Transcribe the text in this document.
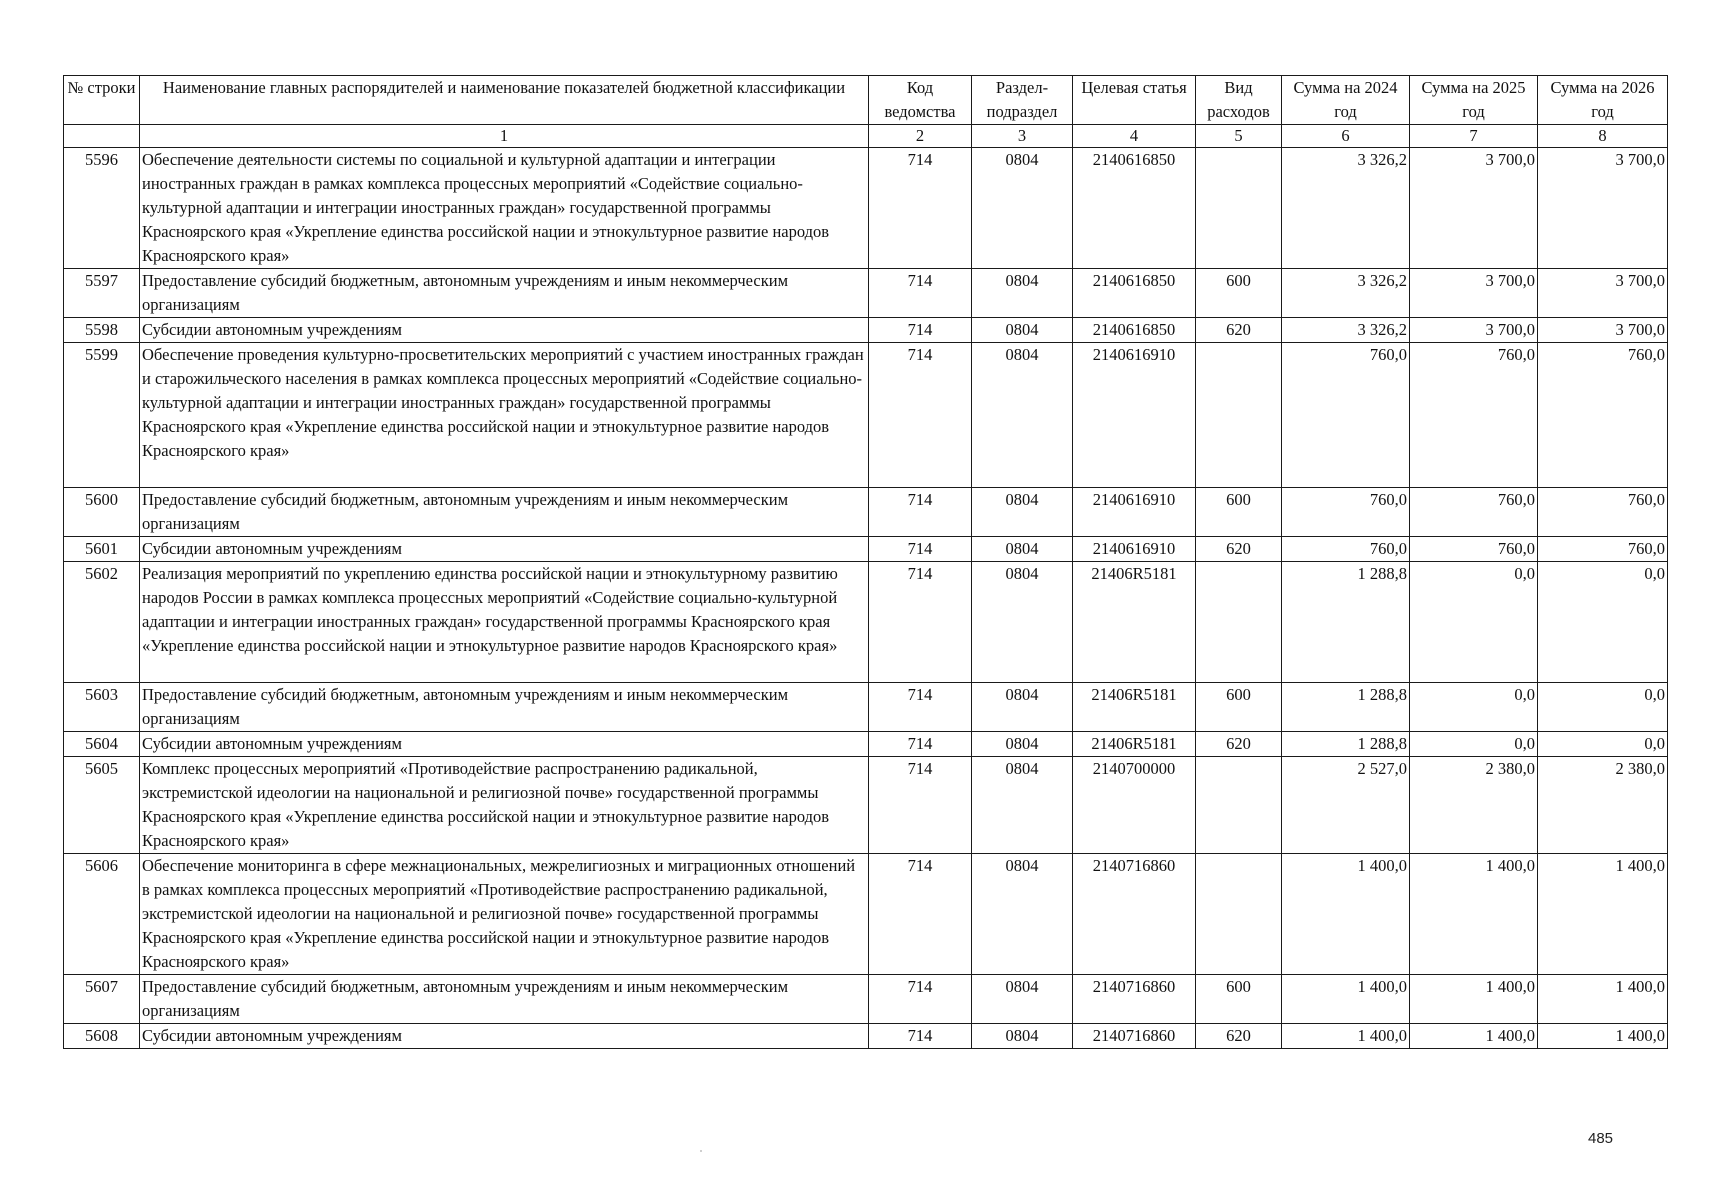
№ строки	Наименование главных распорядителей и наименование показателей бюджетной классификации	Код ведомства	Раздел-подраздел	Целевая статья	Вид расходов	Сумма на 2024 год	Сумма на 2025 год	Сумма на 2026 год
	1	2	3	4	5	6	7	8
5596	Обеспечение деятельности системы по социальной и культурной адаптации и интеграции иностранных граждан в рамках комплекса процессных мероприятий «Содействие социально-культурной адаптации и интеграции иностранных граждан» государственной программы Красноярского края «Укрепление единства российской нации и этнокультурное развитие народов Красноярского края»	714	0804	2140616850		3 326,2	3 700,0	3 700,0
5597	Предоставление субсидий бюджетным, автономным учреждениям и иным некоммерческим организациям	714	0804	2140616850	600	3 326,2	3 700,0	3 700,0
5598	Субсидии автономным учреждениям	714	0804	2140616850	620	3 326,2	3 700,0	3 700,0
5599	Обеспечение проведения культурно-просветительских мероприятий с участием иностранных граждан и старожильческого населения в рамках комплекса процессных мероприятий «Содействие социально-культурной адаптации и интеграции иностранных граждан» государственной программы Красноярского края «Укрепление единства российской нации и этнокультурное развитие народов Красноярского края»	714	0804	2140616910		760,0	760,0	760,0
5600	Предоставление субсидий бюджетным, автономным учреждениям и иным некоммерческим организациям	714	0804	2140616910	600	760,0	760,0	760,0
5601	Субсидии автономным учреждениям	714	0804	2140616910	620	760,0	760,0	760,0
5602	Реализация мероприятий по укреплению единства российской нации и этнокультурному развитию народов России в рамках комплекса процессных мероприятий «Содействие социально-культурной адаптации и интеграции иностранных граждан» государственной программы Красноярского края «Укрепление единства российской нации и этнокультурное развитие народов Красноярского края»	714	0804	21406R5181		1 288,8	0,0	0,0
5603	Предоставление субсидий бюджетным, автономным учреждениям и иным некоммерческим организациям	714	0804	21406R5181	600	1 288,8	0,0	0,0
5604	Субсидии автономным учреждениям	714	0804	21406R5181	620	1 288,8	0,0	0,0
5605	Комплекс процессных мероприятий «Противодействие распространению радикальной, экстремистской идеологии на национальной и религиозной почве» государственной программы Красноярского края «Укрепление единства российской нации и этнокультурное развитие народов Красноярского края»	714	0804	2140700000		2 527,0	2 380,0	2 380,0
5606	Обеспечение мониторинга в сфере межнациональных, межрелигиозных и миграционных отношений в рамках комплекса процессных мероприятий «Противодействие распространению радикальной, экстремистской идеологии на национальной и религиозной почве» государственной программы Красноярского края «Укрепление единства российской нации и этнокультурное развитие народов Красноярского края»	714	0804	2140716860		1 400,0	1 400,0	1 400,0
5607	Предоставление субсидий бюджетным, автономным учреждениям и иным некоммерческим организациям	714	0804	2140716860	600	1 400,0	1 400,0	1 400,0
5608	Субсидии автономным учреждениям	714	0804	2140716860	620	1 400,0	1 400,0	1 400,0
485
